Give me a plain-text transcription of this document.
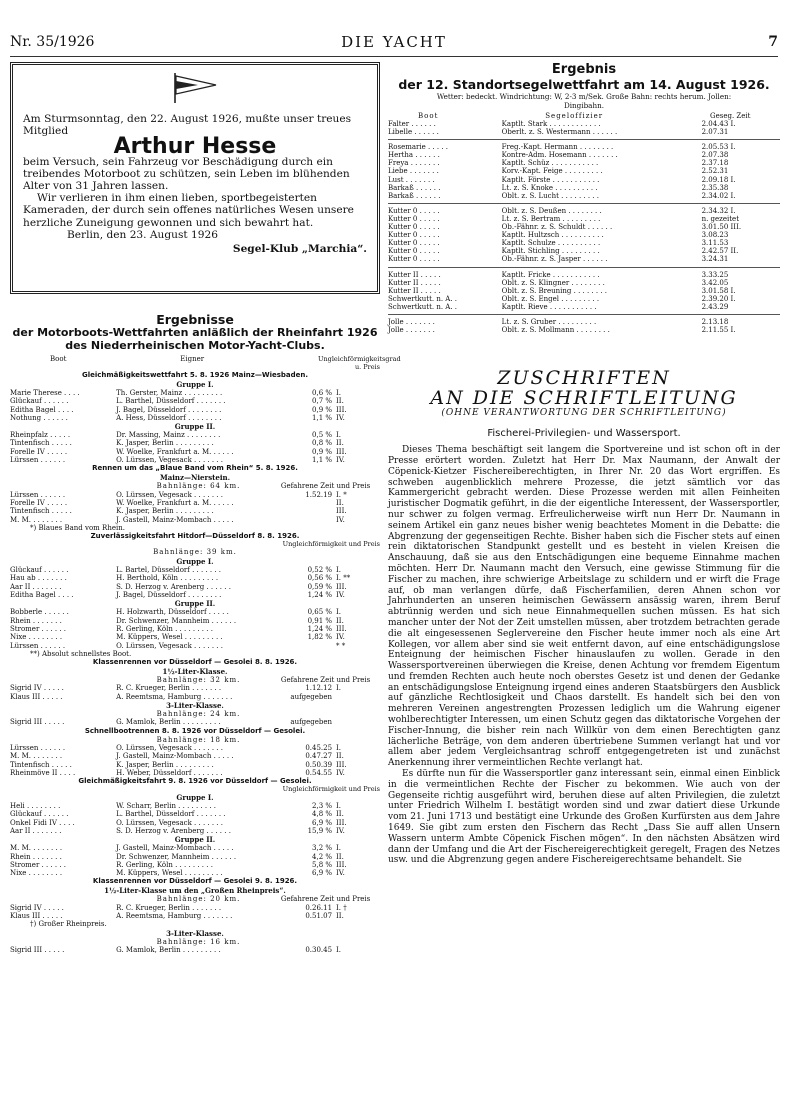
Nr. 35/1926	DIE YACHT	7

Am Sturmsonntag, den 22. August 1926, mußte unser treues Mitglied

Arthur Hesse

beim Versuch, sein Fahrzeug vor Beschädigung durch ein treibendes Motorboot zu schützen, sein Leben im blühenden Alter von 31 Jahren lassen.

Wir verlieren in ihm einen lieben, sportbegeisterten Kameraden, der durch sein offenes natürliches Wesen unsere herzliche Zuneigung gewonnen und sich bewahrt hat.

Berlin, den 23. August 1926

Segel-Klub „Marchia“.
Ergebnisse
der Motorboots-Wettfahrten anläßlich der Rheinfahrt 1926 des Niederrheinischen Motor-Yacht-Clubs.
Boot	Eigner	Ungleichförmigkeitsgrad u. Preis
Gleichmäßigkeitswettfahrt 5. 8. 1926 Mainz—Wiesbaden.
Gruppe I.
Marie Therese . . . .	Th. Gerster, Mainz . . . . . . . . .	0,6 %	I.
Glückauf . . . . . .	L. Barthel, Düsseldorf . . . . . . .	0,7 %	II.
Editha Bagel . . . .	J. Bagel, Düsseldorf . . . . . . . .	0,9 %	III.
Nothung . . . . . .	A. Hess, Düsseldorf . . . . . . . .	1,1 %	IV.
Gruppe II.
Rheinpfalz . . . . .	Dr. Massing, Mainz . . . . . . . .	0,5 %	I.
Tintenfisch . . . . .	K. Jasper, Berlin . . . . . . . . .	0,8 %	II.
Forelle IV . . . . .	W. Woelke, Frankfurt a. M. . . . . .	0,9 %	III.
Lürssen . . . . . .	O. Lürssen, Vegesack . . . . . . .	1,1 %	IV.
Rennen um das „Blaue Band vom Rhein“ 5. 8. 1926.
Mainz—Nierstein.
	Bahnlänge: 64 km.	Gefahrene Zeit und Preis	
Lürssen . . . . . .	O. Lürssen, Vegesack . . . . . . .	1.52.19	I. *
Forelle IV . . . . .	W. Woelke, Frankfurt a. M. . . . . .		II.
Tintenfisch . . . . .	K. Jasper, Berlin . . . . . . . . .		III.
M. M. . . . . . . .	J. Gastell, Mainz-Mombach . . . . .		IV.
*) Blaues Band vom Rhein.
Zuverlässigkeitsfahrt Hitdorf—Düsseldorf 8. 8. 1926.
Ungleichförmigkeit und Preis
Bahnlänge: 39 km.
Gruppe I.
Glückauf . . . . . .	L. Bartel, Düsseldorf . . . . . . .	0,52 %	I.
Hau ab . . . . . . .	H. Berthold, Köln . . . . . . . . .	0,56 %	I. **
Aar II . . . . . . .	S. D. Herzog v. Arenberg . . . . . .	0,59 %	III.
Editha Bagel . . . .	J. Bagel, Düsseldorf . . . . . . . .	1,24 %	IV.
Gruppe II.
Bobberle . . . . . .	H. Holzwarth, Düsseldorf . . . . .	0,65 %	I.
Rhein . . . . . . .	Dr. Schwenzer, Mannheim . . . . . .	0,91 %	II.
Stromer . . . . . .	R. Gerling, Köln . . . . . . . . .	1,24 %	III.
Nixe . . . . . . . .	M. Küppers, Wesel . . . . . . . . .	1,82 %	IV.
Lürssen . . . . . .	O. Lürssen, Vegesack . . . . . . .		* *
**) Absolut schnellstes Boot.
Klassenrennen vor Düsseldorf — Gesolei 8. 8. 1926.
1½-Liter-Klasse.
	Bahnlänge: 32 km.	Gefahrene Zeit und Preis	
Sigrid IV . . . . .	R. C. Krueger, Berlin . . . . . . .	1.12.12	I.
Klaus III . . . . .	A. Reemtsma, Hamburg . . . . . . .	aufgegeben	
3-Liter-Klasse.
	Bahnlänge: 24 km.		
Sigrid III . . . . .	G. Mamlok, Berlin . . . . . . . . .	aufgegeben	
Schnellbootrennen 8. 8. 1926 vor Düsseldorf — Gesolei.
	Bahnlänge: 18 km.		
Lürssen . . . . . .	O. Lürssen, Vegesack . . . . . . .	0.45.25	I.
M. M. . . . . . . .	J. Gastell, Mainz-Mombach . . . . .	0.47.27	II.
Tintenfisch . . . . .	K. Jasper, Berlin . . . . . . . . .	0.50.39	III.
Rheinmöve II . . . .	H. Weber, Düsseldorf . . . . . . .	0.54.55	IV.
Gleichmäßigkeitsfahrt 9. 8. 1926 vor Düsseldorf — Gesolei.
Ungleichförmigkeit und Preis
Gruppe I.
Heli . . . . . . . .	W. Scharr, Berlin . . . . . . . . .	2,3 %	I.
Glückauf . . . . . .	L. Barthel, Düsseldorf . . . . . . .	4,8 %	II.
Onkel Fidi IV . . . .	O. Lürssen, Vegesack . . . . . . .	6,9 %	III.
Aar II . . . . . . .	S. D. Herzog v. Arenberg . . . . . .	15,9 %	IV.
Gruppe II.
M. M. . . . . . . .	J. Gastell, Mainz-Mombach . . . . .	3,2 %	I.
Rhein . . . . . . .	Dr. Schwenzer, Mannheim . . . . . .	4,2 %	II.
Stromer . . . . . .	R. Gerling, Köln . . . . . . . . .	5,8 %	III.
Nixe . . . . . . . .	M. Küppers, Wesel . . . . . . . . .	6,9 %	IV.
Klassenrennen vor Düsseldorf — Gesolei 9. 8. 1926.
1½-Liter-Klasse um den „Großen Rheinpreis“.
	Bahnlänge: 20 km.	Gefahrene Zeit und Preis	
Sigrid IV . . . . .	R. C. Krueger, Berlin . . . . . . .	0.26.11	I. †
Klaus III . . . . .	A. Reemtsma, Hamburg . . . . . . .	0.51.07	II.
†) Großer Rheinpreis.
3-Liter-Klasse.
	Bahnlänge: 16 km.		
Sigrid III . . . . .	G. Mamlok, Berlin . . . . . . . . .	0.30.45	I.
Ergebnis
der 12. Standortsegelwettfahrt am 14. August 1926.
Wetter: bedeckt. Windrichtung: W, 2-3 m/Sek. Große Bahn: rechts herum. Jollen: Dingibahn.
Boot	Segeloffizier	Geseg. Zeit
Falter . . . . . .	Kaptlt. Stark . . . . . . . . . . . .	2.04.43 I.
Libelle . . . . . .	Oberlt. z. S. Westermann . . . . . .	2.07.31
Rosemarie . . . . .	Freg.-Kapt. Hermann . . . . . . . .	2.05.53 I.
Hertha . . . . . .	Kontre-Adm. Hosemann . . . . . . .	2.07.38
Freya . . . . . . .	Kaptlt. Schüz . . . . . . . . . . .	2.37.18
Liebe . . . . . . .	Korv.-Kapt. Feige . . . . . . . . .	2.52.31
Lust . . . . . . .	Kaptlt. Förste . . . . . . . . . . .	2.09.18 I.
Barkaß . . . . . .	Lt. z. S. Knoke . . . . . . . . . .	2.35.38
Barkaß . . . . . .	Oblt. z. S. Lucht . . . . . . . . .	2.34.02 I.
Kutter 0 . . . . .	Oblt. z. S. Deußen . . . . . . . .	2.34.32 I.
Kutter 0 . . . . .	Lt. z. S. Bertram . . . . . . . . .	n. gezeitet
Kutter 0 . . . . .	Ob.-Fähnr. z. S. Schuldt . . . . . .	3.01.50 III.
Kutter 0 . . . . .	Kaptlt. Hultzsch . . . . . . . . . .	3.08.23
Kutter 0 . . . . .	Kaptlt. Schulze . . . . . . . . . .	3.11.53
Kutter 0 . . . . .	Kaptlt. Stichling . . . . . . . . .	2.42.57 II.
Kutter 0 . . . . .	Ob.-Fähnr. z. S. Jasper . . . . . .	3.24.31
Kutter II . . . . .	Kaptlt. Fricke . . . . . . . . . . .	3.33.25
Kutter II . . . . .	Oblt. z. S. Klingner . . . . . . . .	3.42.05
Kutter II . . . . .	Oblt. z. S. Breuning . . . . . . . .	3.01.58 I.
Schwertkutt. n. A. .	Oblt. z. S. Engel . . . . . . . . .	2.39.20 I.
Schwertkutt. n. A. .	Kaptlt. Rieve . . . . . . . . . . .	2.43.29
Jolle . . . . . . .	Lt. z. S. Gruber . . . . . . . . .	2.13.18
Jolle . . . . . . .	Oblt. z. S. Mollmann . . . . . . . .	2.11.55 I.
ZUSCHRIFTEN
AN DIE SCHRIFTLEITUNG
(OHNE VERANTWORTUNG DER SCHRIFTLEITUNG)
Fischerei-Privilegien- und Wassersport.

Dieses Thema beschäftigt seit langem die Sportvereine und ist schon oft in der Presse erörtert worden. Zuletzt hat Herr Dr. Max Naumann, der Anwalt der Cöpenick-Kietzer Fischereiberechtigten, in Ihrer Nr. 20 das Wort ergriffen. Es schweben augenblicklich mehrere Prozesse, die jetzt sämtlich vor das Kammergericht gebracht werden. Diese Prozesse werden mit allen Feinheiten juristischer Dogmatik geführt, in die der eigentliche Interessent, der Wassersportler, nur schwer zu folgen vermag. Erfreulicherweise wirft nun Herr Dr. Naumann in seinem Artikel ein ganz neues bisher wenig beachtetes Moment in die Debatte: die Abgrenzung der gegenseitigen Rechte. Bisher haben sich die Fischer stets auf einen rein diktatorischen Standpunkt gestellt und es besteht in vielen Kreisen die Anschauung, daß sie aus den Entschädigungen eine bequeme Einnahme machen möchten. Herr Dr. Naumann macht den Versuch, eine gewisse Stimmung für die Fischer zu machen, ihre schwierige Arbeitslage zu schildern und er wirft die Frage auf, ob man verlangen dürfe, daß Fischerfamilien, deren Ahnen schon vor Jahrhunderten an unseren heimischen Gewässern ansässig waren, ihrem Beruf abtrünnig werden und sich neue Einnahmequellen suchen müssen. Es hat sich mancher unter der Not der Zeit umstellen müssen, aber trotzdem betrachten gerade die alt eingesessenen Seglervereine den Fischer heute immer noch als eine Art Kollegen, vor allem aber sind sie weit entfernt davon, auf eine entschädigungslose Enteignung der heimischen Fischer hinauslaufen zu wollen. Gerade in den Wassersportvereinen überwiegen die Kreise, denen Achtung vor fremdem Eigentum und fremden Rechten auch heute noch oberstes Gesetz ist und denen der Gedanke an entschädigungslose Enteignung irgend eines anderen Staatsbürgers den Ausblick auf gänzliche Rechtlosigkeit und Chaos darstellt. Es handelt sich bei den von mehreren Vereinen angestrengten Prozessen lediglich um die Wahrung eigener wohlberechtigter Interessen, um einen Schutz gegen das diktatorische Vorgehen der Fischer-Innung, die bisher rein nach Willkür von dem einen Berechtigten ganz lächerliche Beträge, von dem anderen übertriebene Summen verlangt hat und vor allem aber jedem Vergleichsantrag schroff entgegengetreten ist und zunächst Anerkennung ihrer vermeintlichen Rechte verlangt hat.

Es dürfte nun für die Wassersportler ganz interessant sein, einmal einen Einblick in die vermeintlichen Rechte der Fischer zu bekommen. Wie auch von der Gegenseite richtig ausgeführt wird, beruhen diese auf alten Privilegien, die zuletzt unter Friedrich Wilhelm I. bestätigt worden sind und zwar datiert diese Urkunde vom 21. Juni 1713 und bestätigt eine Urkunde des Großen Kurfürsten aus dem Jahre 1649. Sie gibt zum ersten den Fischern das Recht „Dass Sie auff allen Unsern Wassern unterm Ambte Cöpenick Fischen mögen“. In den nächsten Absätzen wird dann der Umfang und die Art der Fischereigerechtigkeit geregelt, Fragen des Netzes usw. und die Abgrenzung gegen andere Fischereigerechtsame behandelt. Sie
